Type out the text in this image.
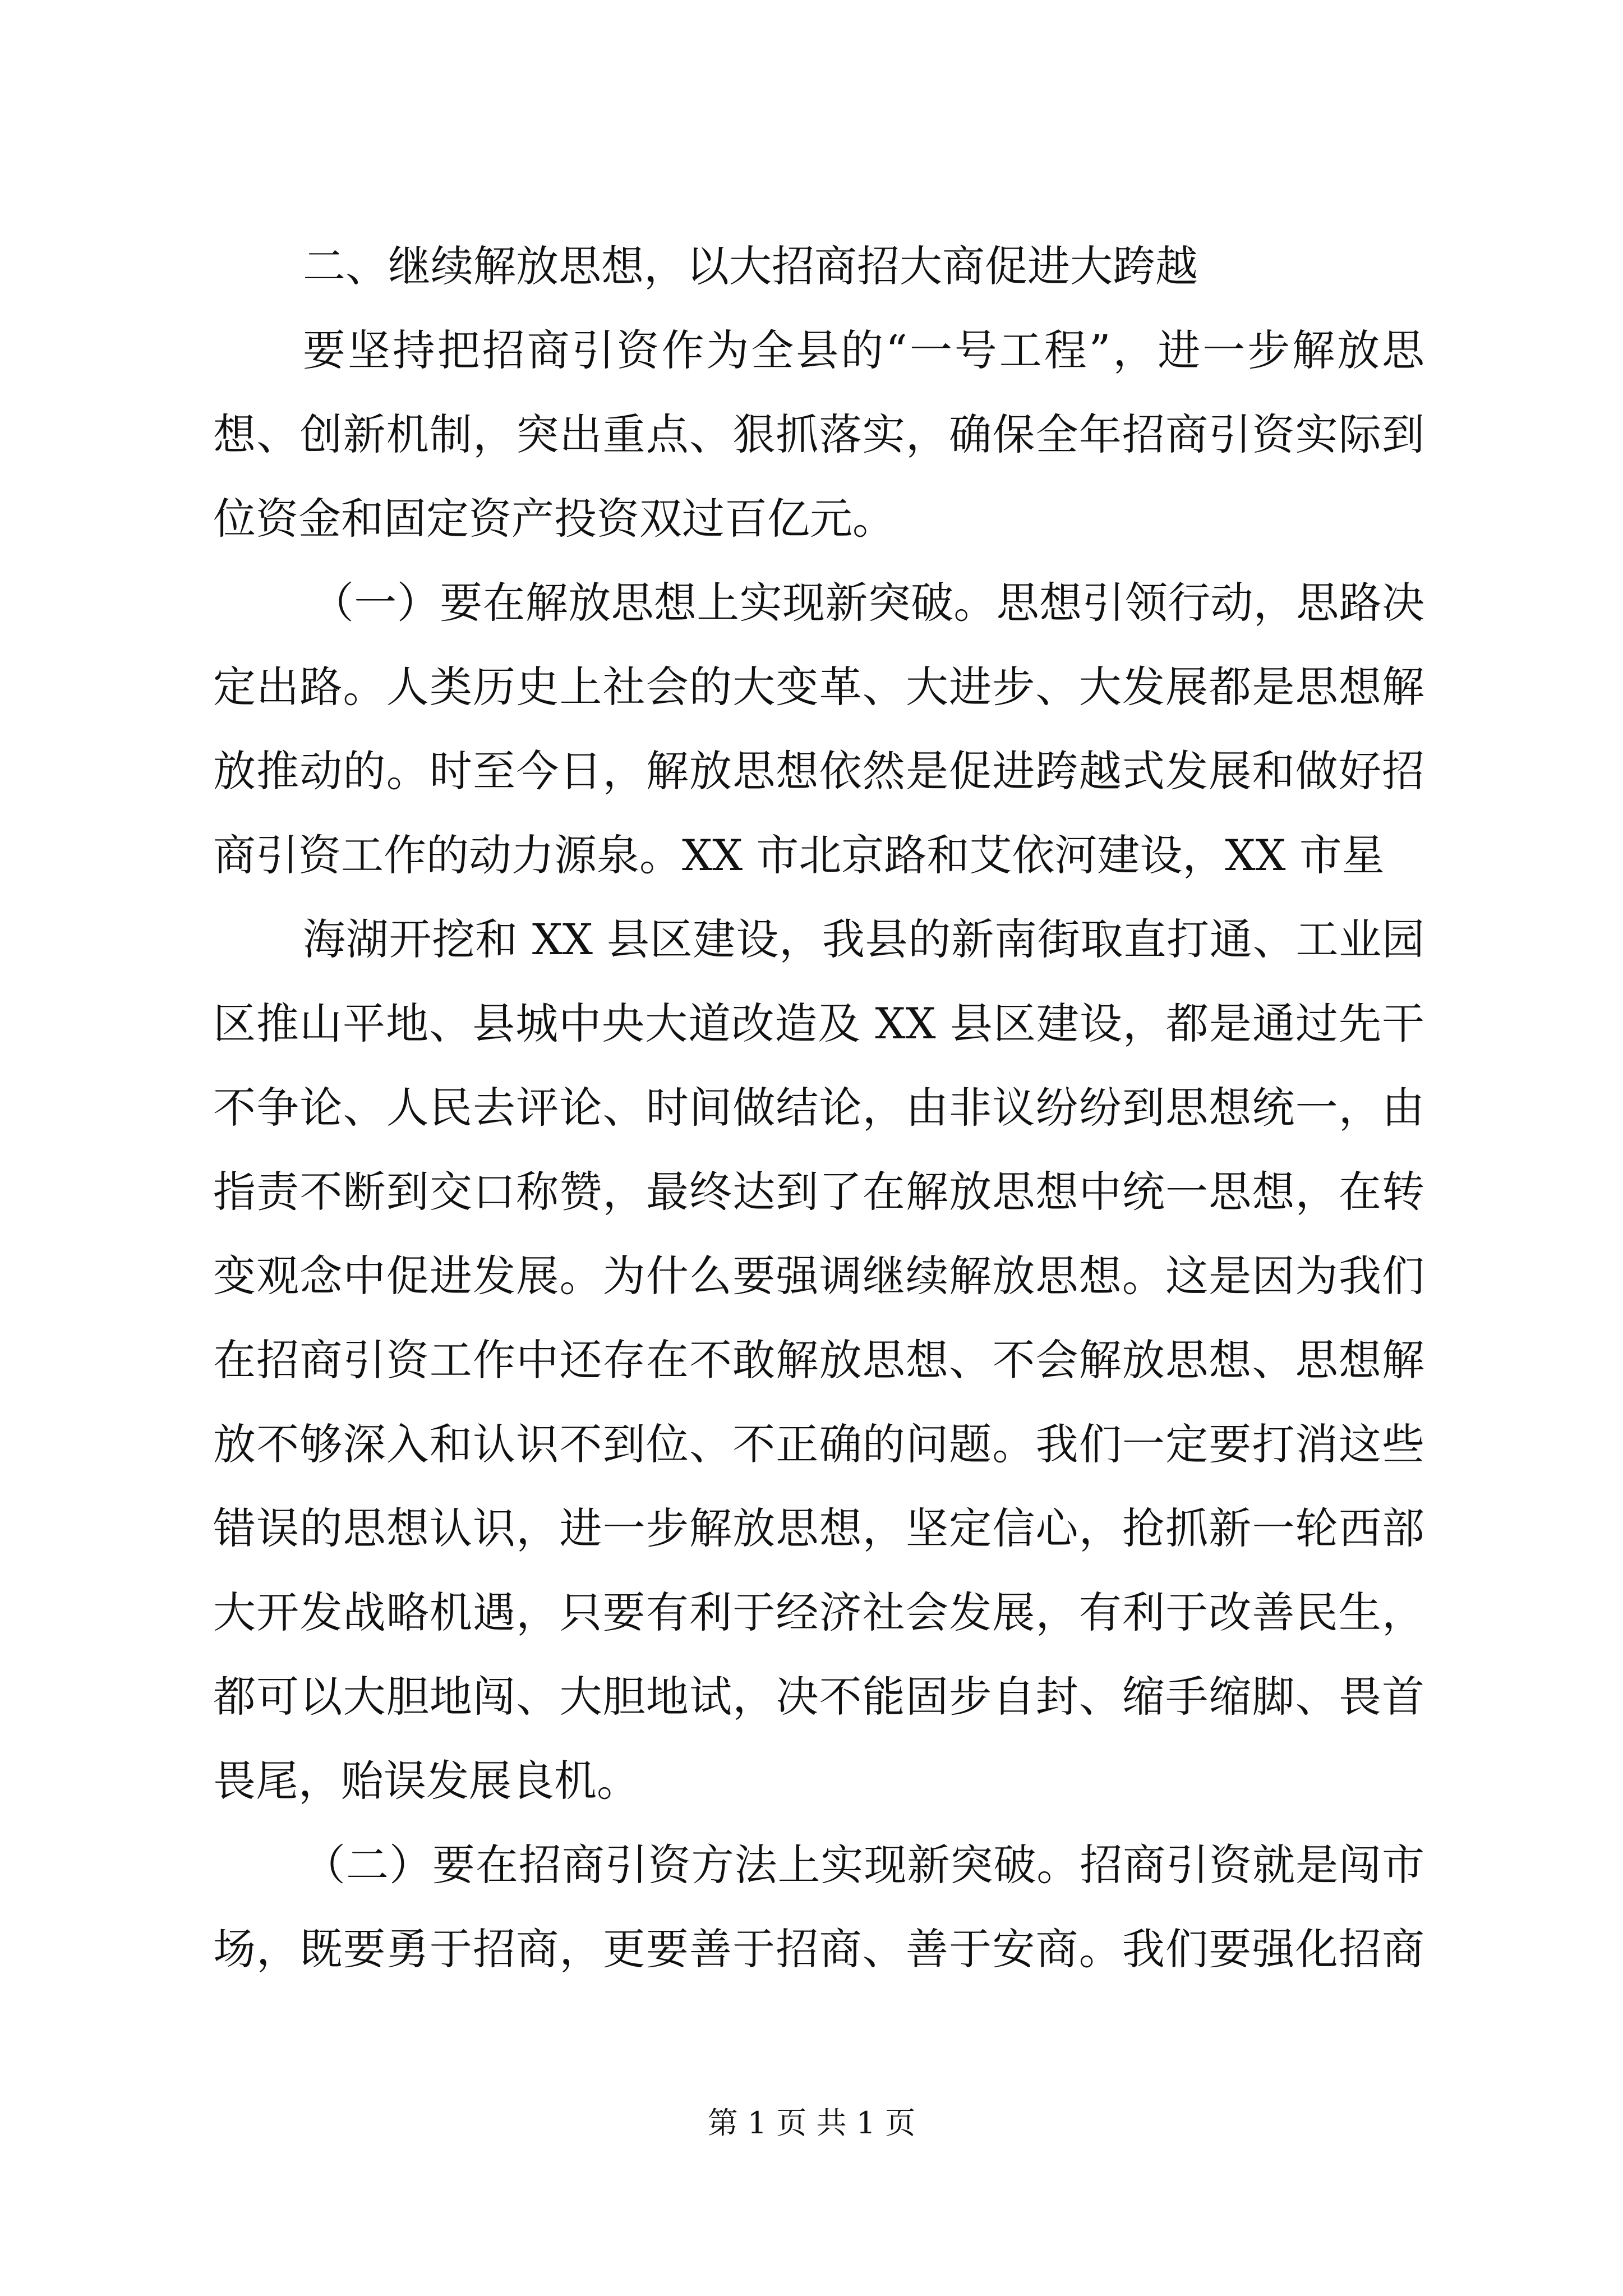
二、继续解放思想，以大招商招大商促进大跨越
要坚持把招商引资作为全县的“一号工程”，进一步解放思
想、创新机制，突出重点、狠抓落实，确保全年招商引资实际到
位资金和固定资产投资双过百亿元。
（一）要在解放思想上实现新突破。思想引领行动，思路决
定出路。人类历史上社会的大变革、大进步、大发展都是思想解
放推动的。时至今日，解放思想依然是促进跨越式发展和做好招
商引资工作的动力源泉。XX 市北京路和艾依河建设，XX 市星
海湖开挖和 XX 县区建设，我县的新南街取直打通、工业园
区推山平地、县城中央大道改造及 XX 县区建设，都是通过先干
不争论、人民去评论、时间做结论，由非议纷纷到思想统一，由
指责不断到交口称赞，最终达到了在解放思想中统一思想，在转
变观念中促进发展。为什么要强调继续解放思想。这是因为我们
在招商引资工作中还存在不敢解放思想、不会解放思想、思想解
放不够深入和认识不到位、不正确的问题。我们一定要打消这些
错误的思想认识，进一步解放思想，坚定信心，抢抓新一轮西部
大开发战略机遇，只要有利于经济社会发展，有利于改善民生，
都可以大胆地闯、大胆地试，决不能固步自封、缩手缩脚、畏首
畏尾，贻误发展良机。
（二）要在招商引资方法上实现新突破。招商引资就是闯市
场，既要勇于招商，更要善于招商、善于安商。我们要强化招商
第 1 页 共 1 页
